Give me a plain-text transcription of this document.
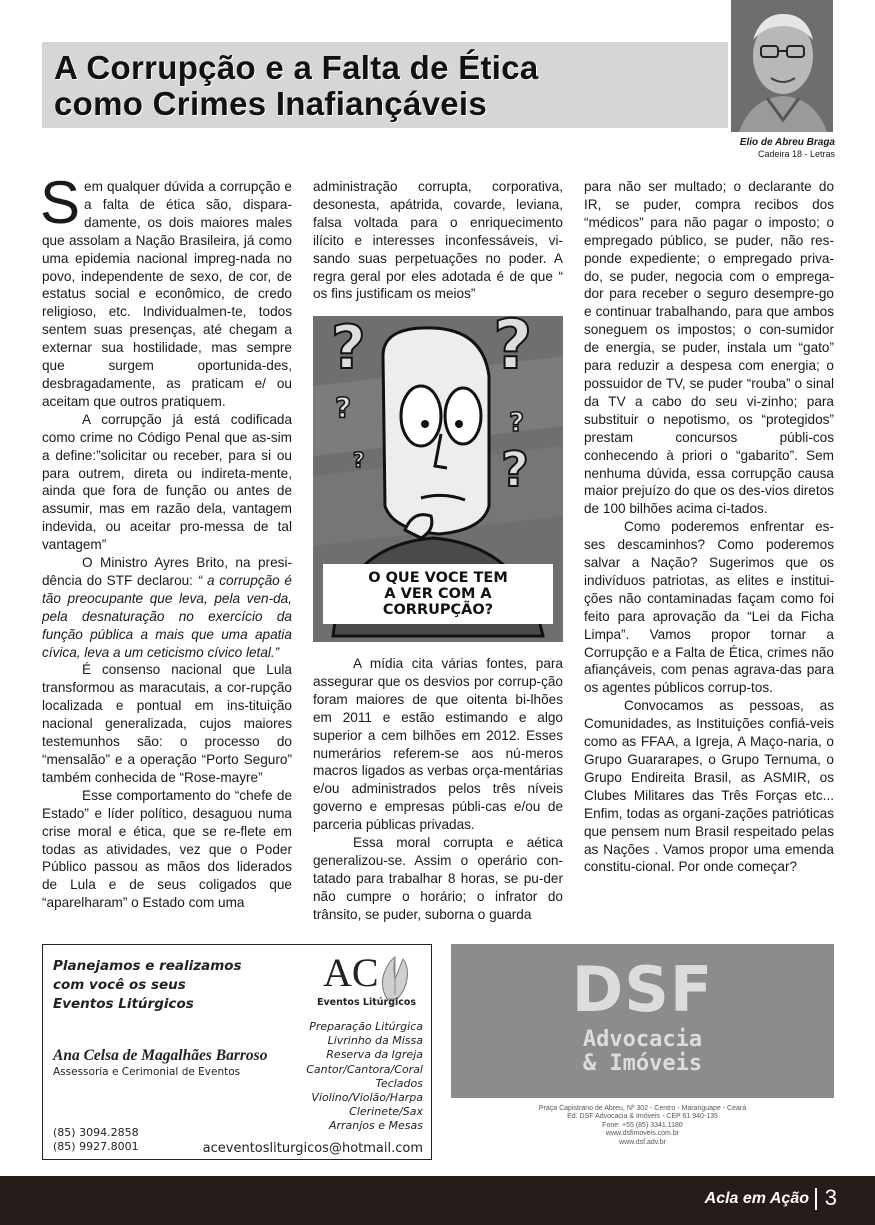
A Corrupção e a Falta de Ética
como Crimes Inafiançáveis
Elio de Abreu Braga
Cadeira 18 - Letras

Sem qualquer dúvida a corrupção e a falta de ética são, dispara-damente, os dois maiores males que assolam a Nação Brasileira, já como uma epidemia nacional impreg-nada no povo, independente de sexo, de cor, de estatus social e econômico, de credo religioso, etc. Individualmen-te, todos sentem suas presenças, até chegam a externar sua hostilidade, mas sempre que surgem oportunida-des, desbragadamente, as praticam e/ ou aceitam que outros pratiquem.

A corrupção já está codificada como crime no Código Penal que as-sim a define:”solicitar ou receber, para si ou para outrem, direta ou indireta-mente, ainda que fora de função ou antes de assumir, mas em razão dela, vantagem indevida, ou aceitar pro-messa de tal vantagem”

O Ministro Ayres Brito, na presi-dência do STF declarou: “ a corrupção é tão preocupante que leva, pela ven-da, pela desnaturação no exercício da função pública a mais que uma apatia cívica, leva a um ceticismo cívico letal.”

É consenso nacional que Lula transformou as maracutais, a cor-rupção localizada e pontual em ins-tituição nacional generalizada, cujos maiores testemunhos são: o processo do “mensalão” e a operação “Porto Seguro” também conhecida de “Rose-mayre”

Esse comportamento do “chefe de Estado” e líder político, desaguou numa crise moral e ética, que se re-flete em todas as atividades, vez que o Poder Público passou as mãos dos liderados de Lula e de seus coligados que “aparelharam” o Estado com uma

administração corrupta, corporativa, desonesta, apátrida, covarde, leviana, falsa voltada para o enriquecimento ilícito e interesses inconfessáveis, vi-sando suas perpetuações no poder. A regra geral por eles adotada é de que “ os fins justificam os meios”

? ?
?	?
?	?
O QUE VOCE TEM
A VER COM A
CORRUPÇÃO?

A mídia cita várias fontes, para assegurar que os desvios por corrup-ção foram maiores de que oitenta bi-lhões em 2011 e estão estimando e algo superior a cem bilhões em 2012. Esses numerários referem-se aos nú-meros macros ligados as verbas orça-mentárias e/ou administrados pelos três níveis governo e empresas públi-cas e/ou de parceria públicas privadas.

Essa moral corrupta e aética generalizou-se. Assim o operário con-tatado para trabalhar 8 horas, se pu-der não cumpre o horário; o infrator do trânsito, se puder, suborna o guarda

para não ser multado; o declarante do IR, se puder, compra recibos dos “médicos” para não pagar o imposto; o empregado público, se puder, não res-ponde expediente; o empregado priva-do, se puder, negocia com o emprega-dor para receber o seguro desempre-go e continuar trabalhando, para que ambos soneguem os impostos; o con-sumidor de energia, se puder, instala um “gato” para reduzir a despesa com energia; o possuidor de TV, se puder “rouba” o sinal da TV a cabo do seu vi-zinho; para substituir o nepotismo, os “protegidos” prestam concursos públi-cos conhecendo à priori o “gabarito”. Sem nenhuma dúvida, essa corrupção causa maior prejuízo do que os des-vios diretos de 100 bilhões acima ci-tados.

Como poderemos enfrentar es-ses descaminhos? Como poderemos salvar a Nação? Sugerimos que os indivíduos patriotas, as elites e institui-ções não contaminadas façam como foi feito para aprovação da “Lei da Ficha Limpa”. Vamos propor tornar a Corrupção e a Falta de Ética, crimes não afiançáveis, com penas agrava-das para os agentes públicos corrup-tos.

Convocamos as pessoas, as Comunidades, as Instituições confiá-veis como as FFAA, a Igreja, A Maço-naria, o Grupo Guararapes, o Grupo Ternuma, o Grupo Endireita Brasil, as ASMIR, os Clubes Militares das Três Forças etc... Enfim, todas as organi-zações patrióticas que pensem num Brasil respeitado pelas as Nações . Vamos propor uma emenda constitu-cional. Por onde começar?

Planejamos e realizamos
com você os seus
Eventos Litúrgicos
AC
Eventos Litúrgicos
Ana Celsa de Magalhães Barroso
Assessoria e Cerimonial de Eventos
Preparação Litúrgica
Livrinho da Missa
Reserva da Igreja
Cantor/Cantora/Coral
Teclados
Violino/Violão/Harpa
Clerinete/Sax
Arranjos e Mesas
(85) 3094.2858
(85) 9927.8001	aceventosliturgicos@hotmail.com
DSF
Advocacia
& Imóveis
Praça Capistrano de Abreu, Nº 302 - Centro - Maranguape - Ceará
Ed. DSF Advocacia & Imóveis - CEP 61.940-135
Fone: +55 (85) 3341.1180
www.dsfimoveis.com.br
www.dsf.adv.br
Acla em Ação 3
